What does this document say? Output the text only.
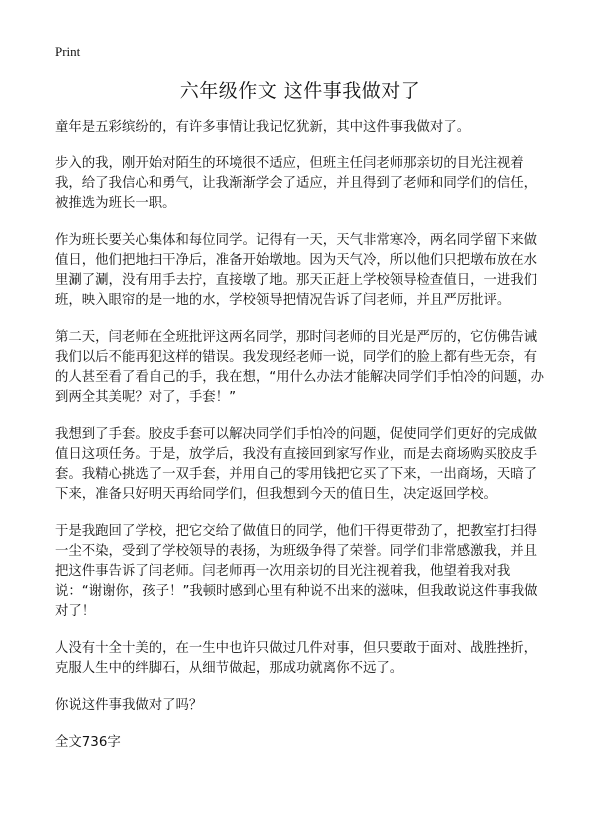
Print
六年级作文 这件事我做对了

童年是五彩缤纷的，有许多事情让我记忆犹新，其中这件事我做对了。

步入的我，刚开始对陌生的环境很不适应，但班主任闫老师那亲切的目光注视着我，给了我信心和勇气，让我渐渐学会了适应，并且得到了老师和同学们的信任，被推选为班长一职。

作为班长要关心集体和每位同学。记得有一天，天气非常寒冷，两名同学留下来做值日，他们把地扫干净后，准备开始墩地。因为天气冷，所以他们只把墩布放在水里涮了涮，没有用手去拧，直接墩了地。那天正赶上学校领导检查值日，一进我们班，映入眼帘的是一地的水，学校领导把情况告诉了闫老师，并且严厉批评。

第二天，闫老师在全班批评这两名同学，那时闫老师的目光是严厉的，它仿佛告诫我们以后不能再犯这样的错误。我发现经老师一说，同学们的脸上都有些无奈，有的人甚至看了看自己的手，我在想，“用什么办法才能解决同学们手怕冷的问题，办到两全其美呢？对了，手套！”

我想到了手套。胶皮手套可以解决同学们手怕冷的问题，促使同学们更好的完成做值日这项任务。于是，放学后，我没有直接回到家写作业，而是去商场购买胶皮手套。我精心挑选了一双手套，并用自己的零用钱把它买了下来，一出商场，天暗了下来，准备只好明天再给同学们，但我想到今天的值日生，决定返回学校。

于是我跑回了学校，把它交给了做值日的同学，他们干得更带劲了，把教室打扫得一尘不染，受到了学校领导的表扬，为班级争得了荣誉。同学们非常感激我，并且把这件事告诉了闫老师。闫老师再一次用亲切的目光注视着我，他望着我对我说：“谢谢你，孩子！”我顿时感到心里有种说不出来的滋味，但我敢说这件事我做对了！

人没有十全十美的，在一生中也许只做过几件对事，但只要敢于面对、战胜挫折，克服人生中的绊脚石，从细节做起，那成功就离你不远了。

你说这件事我做对了吗？

全文736字
